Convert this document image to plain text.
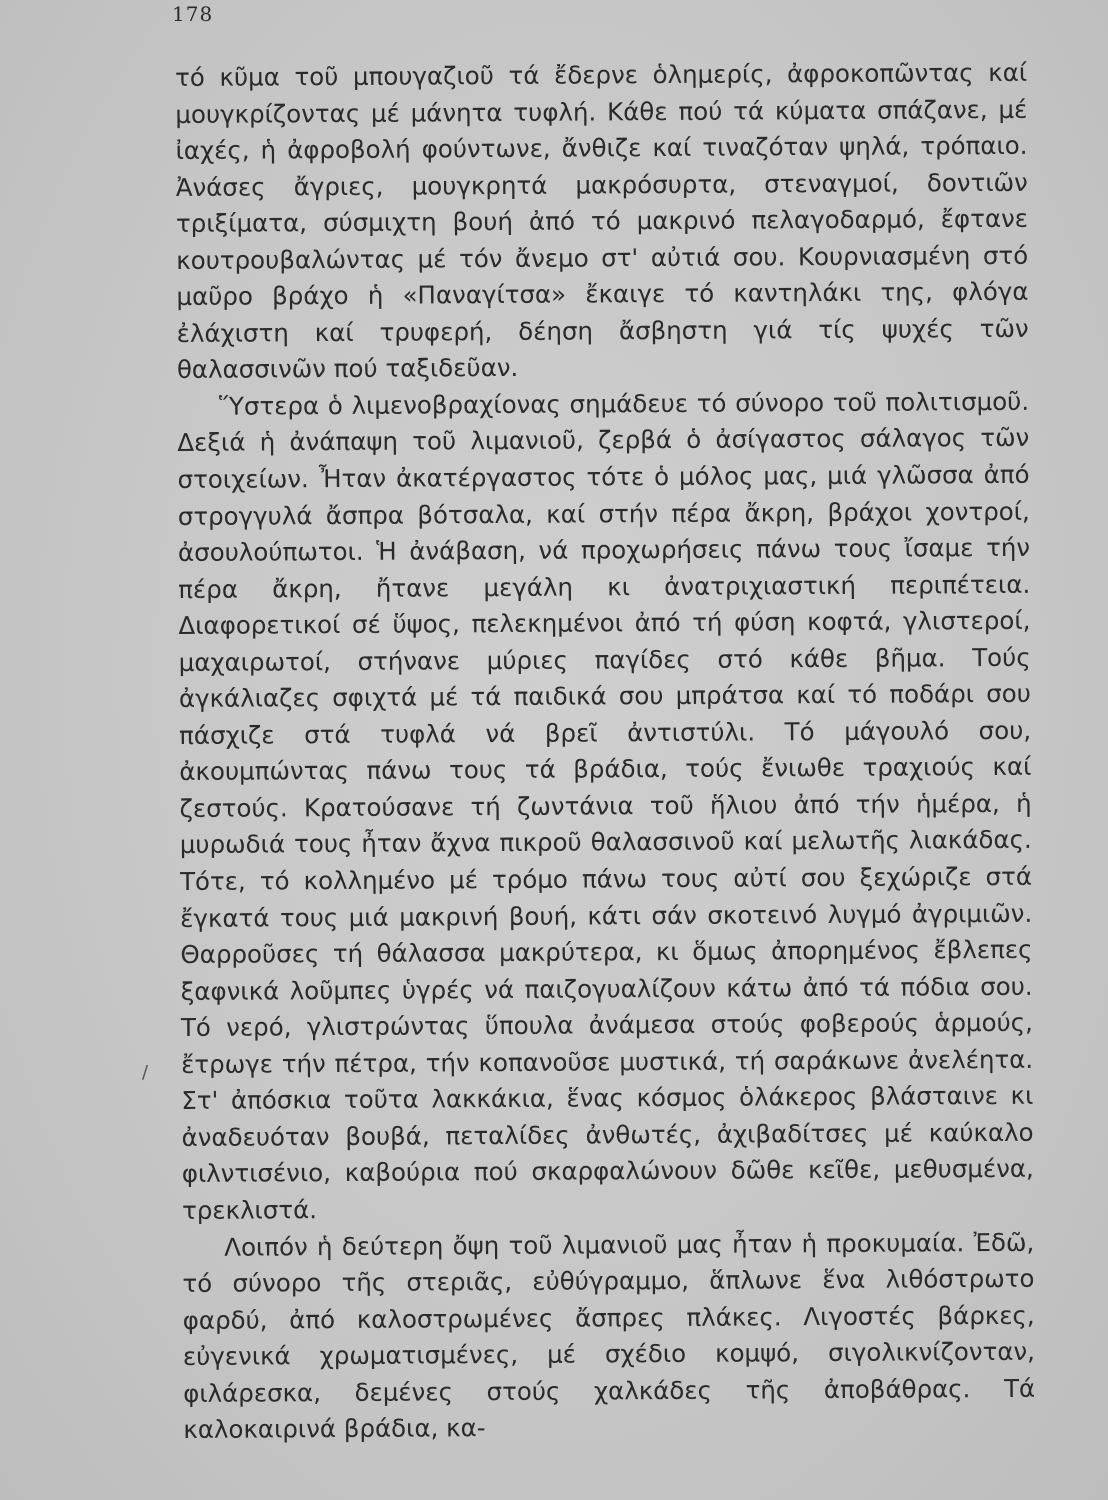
178
/

τό κῦμα τοῦ μπουγαζιοῦ τά ἔδερνε ὁλημερίς, ἀφροκοπῶντας καί μουγκρίζοντας μέ μάνητα τυφλή. Κάθε πού τά κύματα σπάζανε, μέ ἰαχές, ἡ ἀφροβολή φούντωνε, ἄνθιζε καί τιναζόταν ψηλά, τρόπαιο. Ἀνάσες ἄγριες, μουγκρητά μακρόσυρτα, στεναγμοί, δοντιῶν τριξίματα, σύσμιχτη βουή ἀπό τό μακρινό πελαγοδαρμό, ἔφτανε κουτρουβαλώντας μέ τόν ἄνεμο στ' αὐτιά σου. Κουρνιασμένη στό μαῦρο βράχο ἡ «Παναγίτσα» ἔκαιγε τό καντηλάκι της, φλόγα ἐλάχιστη καί τρυφερή, δέηση ἄσβηστη γιά τίς ψυχές τῶν θαλασσινῶν πού ταξιδεῦαν.

Ὕστερα ὁ λιμενοβραχίονας σημάδευε τό σύνορο τοῦ πολιτισμοῦ. Δεξιά ἡ ἀνάπαψη τοῦ λιμανιοῦ, ζερβά ὁ ἀσίγαστος σάλαγος τῶν στοιχείων. Ἦταν ἀκατέργαστος τότε ὁ μόλος μας, μιά γλῶσσα ἀπό στρογγυλά ἄσπρα βότσαλα, καί στήν πέρα ἄκρη, βράχοι χοντροί, ἀσουλούπωτοι. Ἡ ἀνάβαση, νά προχωρήσεις πάνω τους ἴσαμε τήν πέρα ἄκρη, ἤτανε μεγάλη κι ἀνατριχιαστική περιπέτεια. Διαφορετικοί σέ ὕψος, πελεκημένοι ἀπό τή φύση κοφτά, γλιστεροί, μαχαιρωτοί, στήνανε μύριες παγίδες στό κάθε βῆμα. Τούς ἀγκάλιαζες σφιχτά μέ τά παιδικά σου μπράτσα καί τό ποδάρι σου πάσχιζε στά τυφλά νά βρεῖ ἀντιστύλι. Τό μάγουλό σου, ἀκουμπώντας πάνω τους τά βράδια, τούς ἔνιωθε τραχιούς καί ζεστούς. Κρατούσανε τή ζωντάνια τοῦ ἥλιου ἀπό τήν ἡμέρα, ἡ μυρωδιά τους ἦταν ἄχνα πικροῦ θαλασσινοῦ καί μελωτῆς λιακάδας. Τότε, τό κολλημένο μέ τρόμο πάνω τους αὐτί σου ξεχώριζε στά ἔγκατά τους μιά μακρινή βουή, κάτι σάν σκοτεινό λυγμό ἀγριμιῶν. Θαρροῦσες τή θάλασσα μακρύτερα, κι ὅμως ἀπορημένος ἔβλεπες ξαφνικά λοῦμπες ὑγρές νά παιζογυαλίζουν κάτω ἀπό τά πόδια σου. Τό νερό, γλιστρώντας ὕπουλα ἀνάμεσα στούς φοβερούς ἁρμούς, ἔτρωγε τήν πέτρα, τήν κοπανοῦσε μυστικά, τή σαράκωνε ἀνελέητα. Στ' ἀπόσκια τοῦτα λακκάκια, ἕνας κόσμος ὁλάκερος βλάσταινε κι ἀναδευόταν βουβά, πεταλίδες ἀνθωτές, ἀχιβαδίτσες μέ καύκαλο φιλντισένιο, καβούρια πού σκαρφαλώνουν δῶθε κεῖθε, μεθυσμένα, τρεκλιστά.

Λοιπόν ἡ δεύτερη ὄψη τοῦ λιμανιοῦ μας ἦταν ἡ προκυμαία. Ἐδῶ, τό σύνορο τῆς στεριᾶς, εὐθύγραμμο, ἅπλωνε ἕνα λιθόστρωτο φαρδύ, ἀπό καλοστρωμένες ἄσπρες πλάκες. Λιγοστές βάρκες, εὐγενικά χρωματισμένες, μέ σχέδιο κομψό, σιγολικνίζονταν, φιλάρεσκα, δεμένες στούς χαλκάδες τῆς ἀποβάθρας. Τά καλοκαιρινά βράδια, κα-
